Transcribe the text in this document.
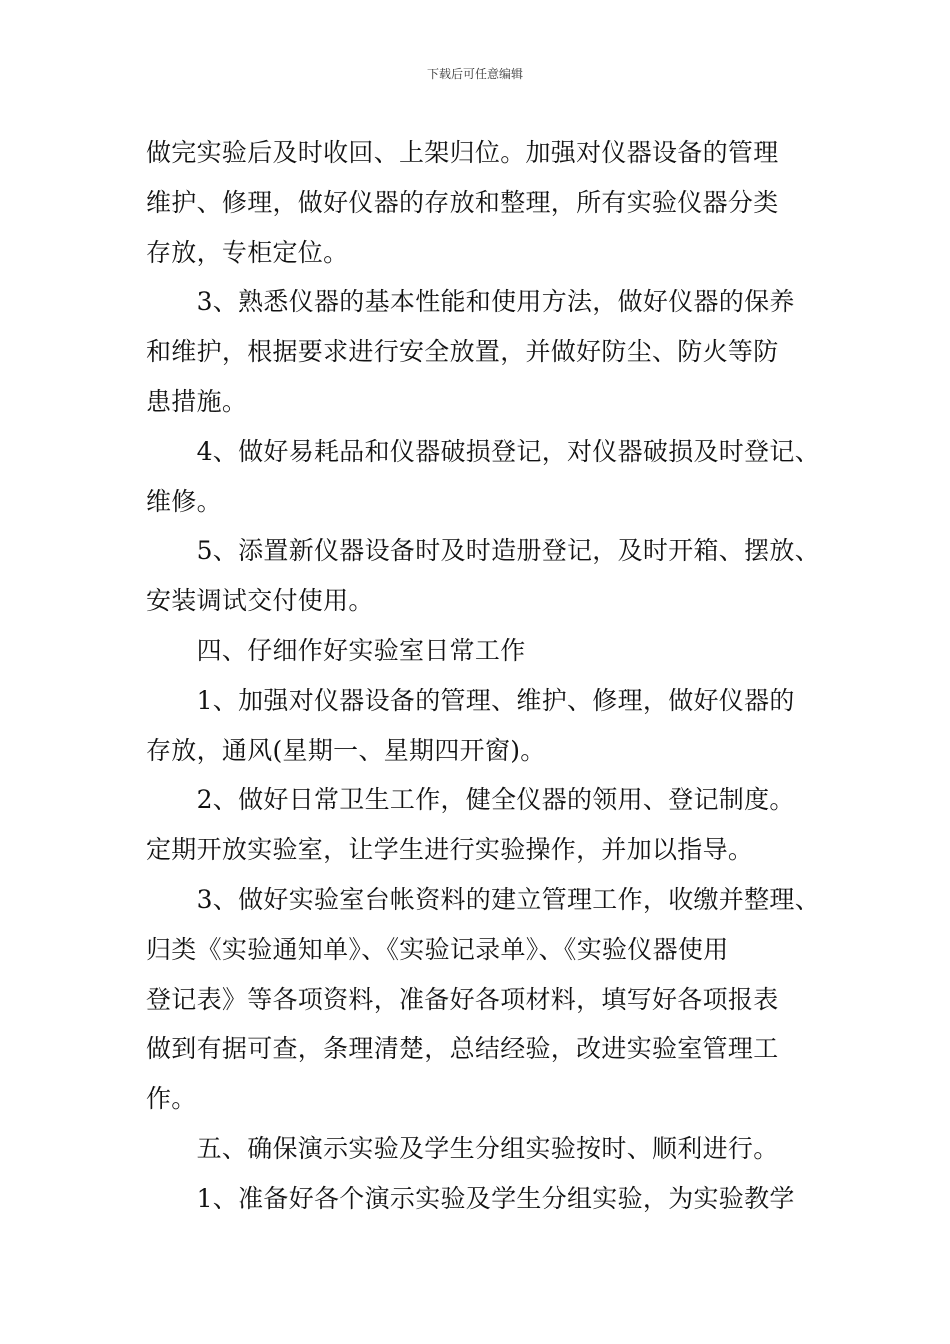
下载后可任意编辑
做完实验后及时收回、上架归位。加强对仪器设备的管理
维护、修理，做好仪器的存放和整理，所有实验仪器分类
存放，专柜定位。
　　3、熟悉仪器的基本性能和使用方法，做好仪器的保养
和维护，根据要求进行安全放置，并做好防尘、防火等防
患措施。
　　4、做好易耗品和仪器破损登记，对仪器破损及时登记、
维修。
　　5、添置新仪器设备时及时造册登记，及时开箱、摆放、
安装调试交付使用。
　　四、仔细作好实验室日常工作
　　1、加强对仪器设备的管理、维护、修理，做好仪器的
存放，通风(星期一、星期四开窗)。
　　2、做好日常卫生工作，健全仪器的领用、登记制度。
定期开放实验室，让学生进行实验操作，并加以指导。
　　3、做好实验室台帐资料的建立管理工作，收缴并整理、
归类《实验通知单》、《实验记录单》、《实验仪器使用
登记表》等各项资料，准备好各项材料，填写好各项报表
做到有据可查，条理清楚，总结经验，改进实验室管理工
作。
　　五、确保演示实验及学生分组实验按时、顺利进行。
　　1、准备好各个演示实验及学生分组实验，为实验教学
